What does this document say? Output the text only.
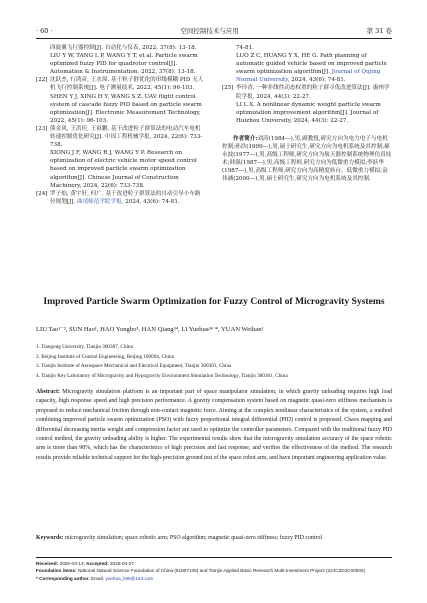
· 60 ·	空间控制技术与应用	第 31 卷
四旋翼飞行器控制[J]. 自动化与仪表, 2022, 37(8): 13-18.
LIU Y W, TANG L P, WANG Y T, et al. Particle swarm optimized fuzzy PID for quadrotor control[J]. Automation & Instrumentation, 2022, 37(8): 13-18.
[22] 沈跃杰, 行鸿彦, 王水璋. 基于粒子群优化的串级模糊 PID 无人机飞行控制系统[J]. 电子测量技术, 2022, 45(1): 96-103.
SHEN Y J, XING H Y, WANG S Z. UAV flight control system of cascade fuzzy PID based on particle swarm optimization[J]. Electronic Measurement Technology, 2022, 45(1): 96-103.
[23] 熊金风, 王洪佳, 王祖鹏. 基于改进粒子群算法的电动汽车电机转速控制优化研究[J]. 中国工程机械学报, 2024, 22(6): 733-738.
XIONG J F, WANG R J, WANG Y P. Research on optimization of electric vehicle motor speed control based on improved particle swarm optimization algorithm[J]. Chinese Journal of Construction Machinery, 2024, 22(6): 733-738.
[24] 罗子灿, 黄宇轩, 何广. 基于改进粒子群算法的自动引导小车路径规划[J]. 曲靖师范学院学报, 2024, 43(6): 74-81.
74-81.
LUO Z C, HUANG Y X, HE G. Path planning of automatic guided vehicle based on improved particle swarm optimization algorithm[J]. Journal of Qujing Normal University, 2024, 43(6): 74-81.
[25] 李玲香. 一种非线性动态权重的粒子群寻优改进算法[J]. 惠州学院学报, 2024, 44(3): 22-27.
LI L X. A nonlinear dynamic weight particle swarm optimization improvement algorithm[J]. Journal of Huizhou University, 2024, 44(3): 22-27.
作者简介:刘涛(1984—),男,副教授,研究方向为电力电子与电机控制;孙浩(1999—),男,硕士研究生,研究方向为电机系统及其控制;郝永波(1977—),男,高级工程师,研究方向为航天器控制系统物理仿真技术;韩强(1987—),男,高级工程师,研究方向为低微重力模拟;李跃华(1987—),男,高级工程师,研究方向为高精度转台、低微重力模拟;袁伟涵(2000—),男,硕士研究生,研究方向为电机系统及其控制.
Improved Particle Swarm Optimization for Fuzzy Control of Microgravity Systems
LIU Tao¹⁻², SUN Hao¹, HAO Yongbo³, HAN Qiang³⁴, LI Yuehua³⁴ *, YUAN Weihan¹
1. Tiangong University, Tianjin 300387, China
2. Beijing Institute of Control Engineering, Beijing 100094, China
3. Tianjin Institute of Aerospace Mechanical and Electrical Equipment, Tianjin 300301, China
4. Tianjin Key Laboratory of Microgravity and Hypogravity Environment Simulation Technology, Tianjin 300301, China
Abstract: Microgravity simulation platform is an important part of space manipulator simulation, in which gravity unloading requires high load capacity, high response speed and high precision performance. A gravity compensation system based on magnetic quasi-zero stiffness mechanism is proposed to reduce mechanical friction through non-contact magnetic force. Aiming at the complex nonlinear characteristics of the system, a method combining improved particle swarm optimization (PSO) with fuzzy proportional integral differential (PID) control is proposed. Chaos mapping and differential decreasing inertia weight and compression factor are used to optimize the controller parameters. Compared with the traditional fuzzy PID control method, the gravity unloading ability is higher. The experimental results show that the microgravity simulation accuracy of the space robotic arm is more than 98%, which has the characteristics of high precision and fast response, and verifies the effectiveness of the method. The research results provide reliable technical support for the high-precision ground test of the space robot arm, and have important engineering application value.
Keywords: microgravity simulation; space robotic arm; PSO algorithm; magnetic quasi-zero stiffness; fuzzy PID control
Received: 2025-03-13; Accepted: 2025-04-27
Foundation items: National Natural Science Foundation of China (51807139) and Tianjin Applied Basic Research Multi-Investment Project (22JCZDJC00930)
* Corresponding author. Email: yuehua_li88@163.com
